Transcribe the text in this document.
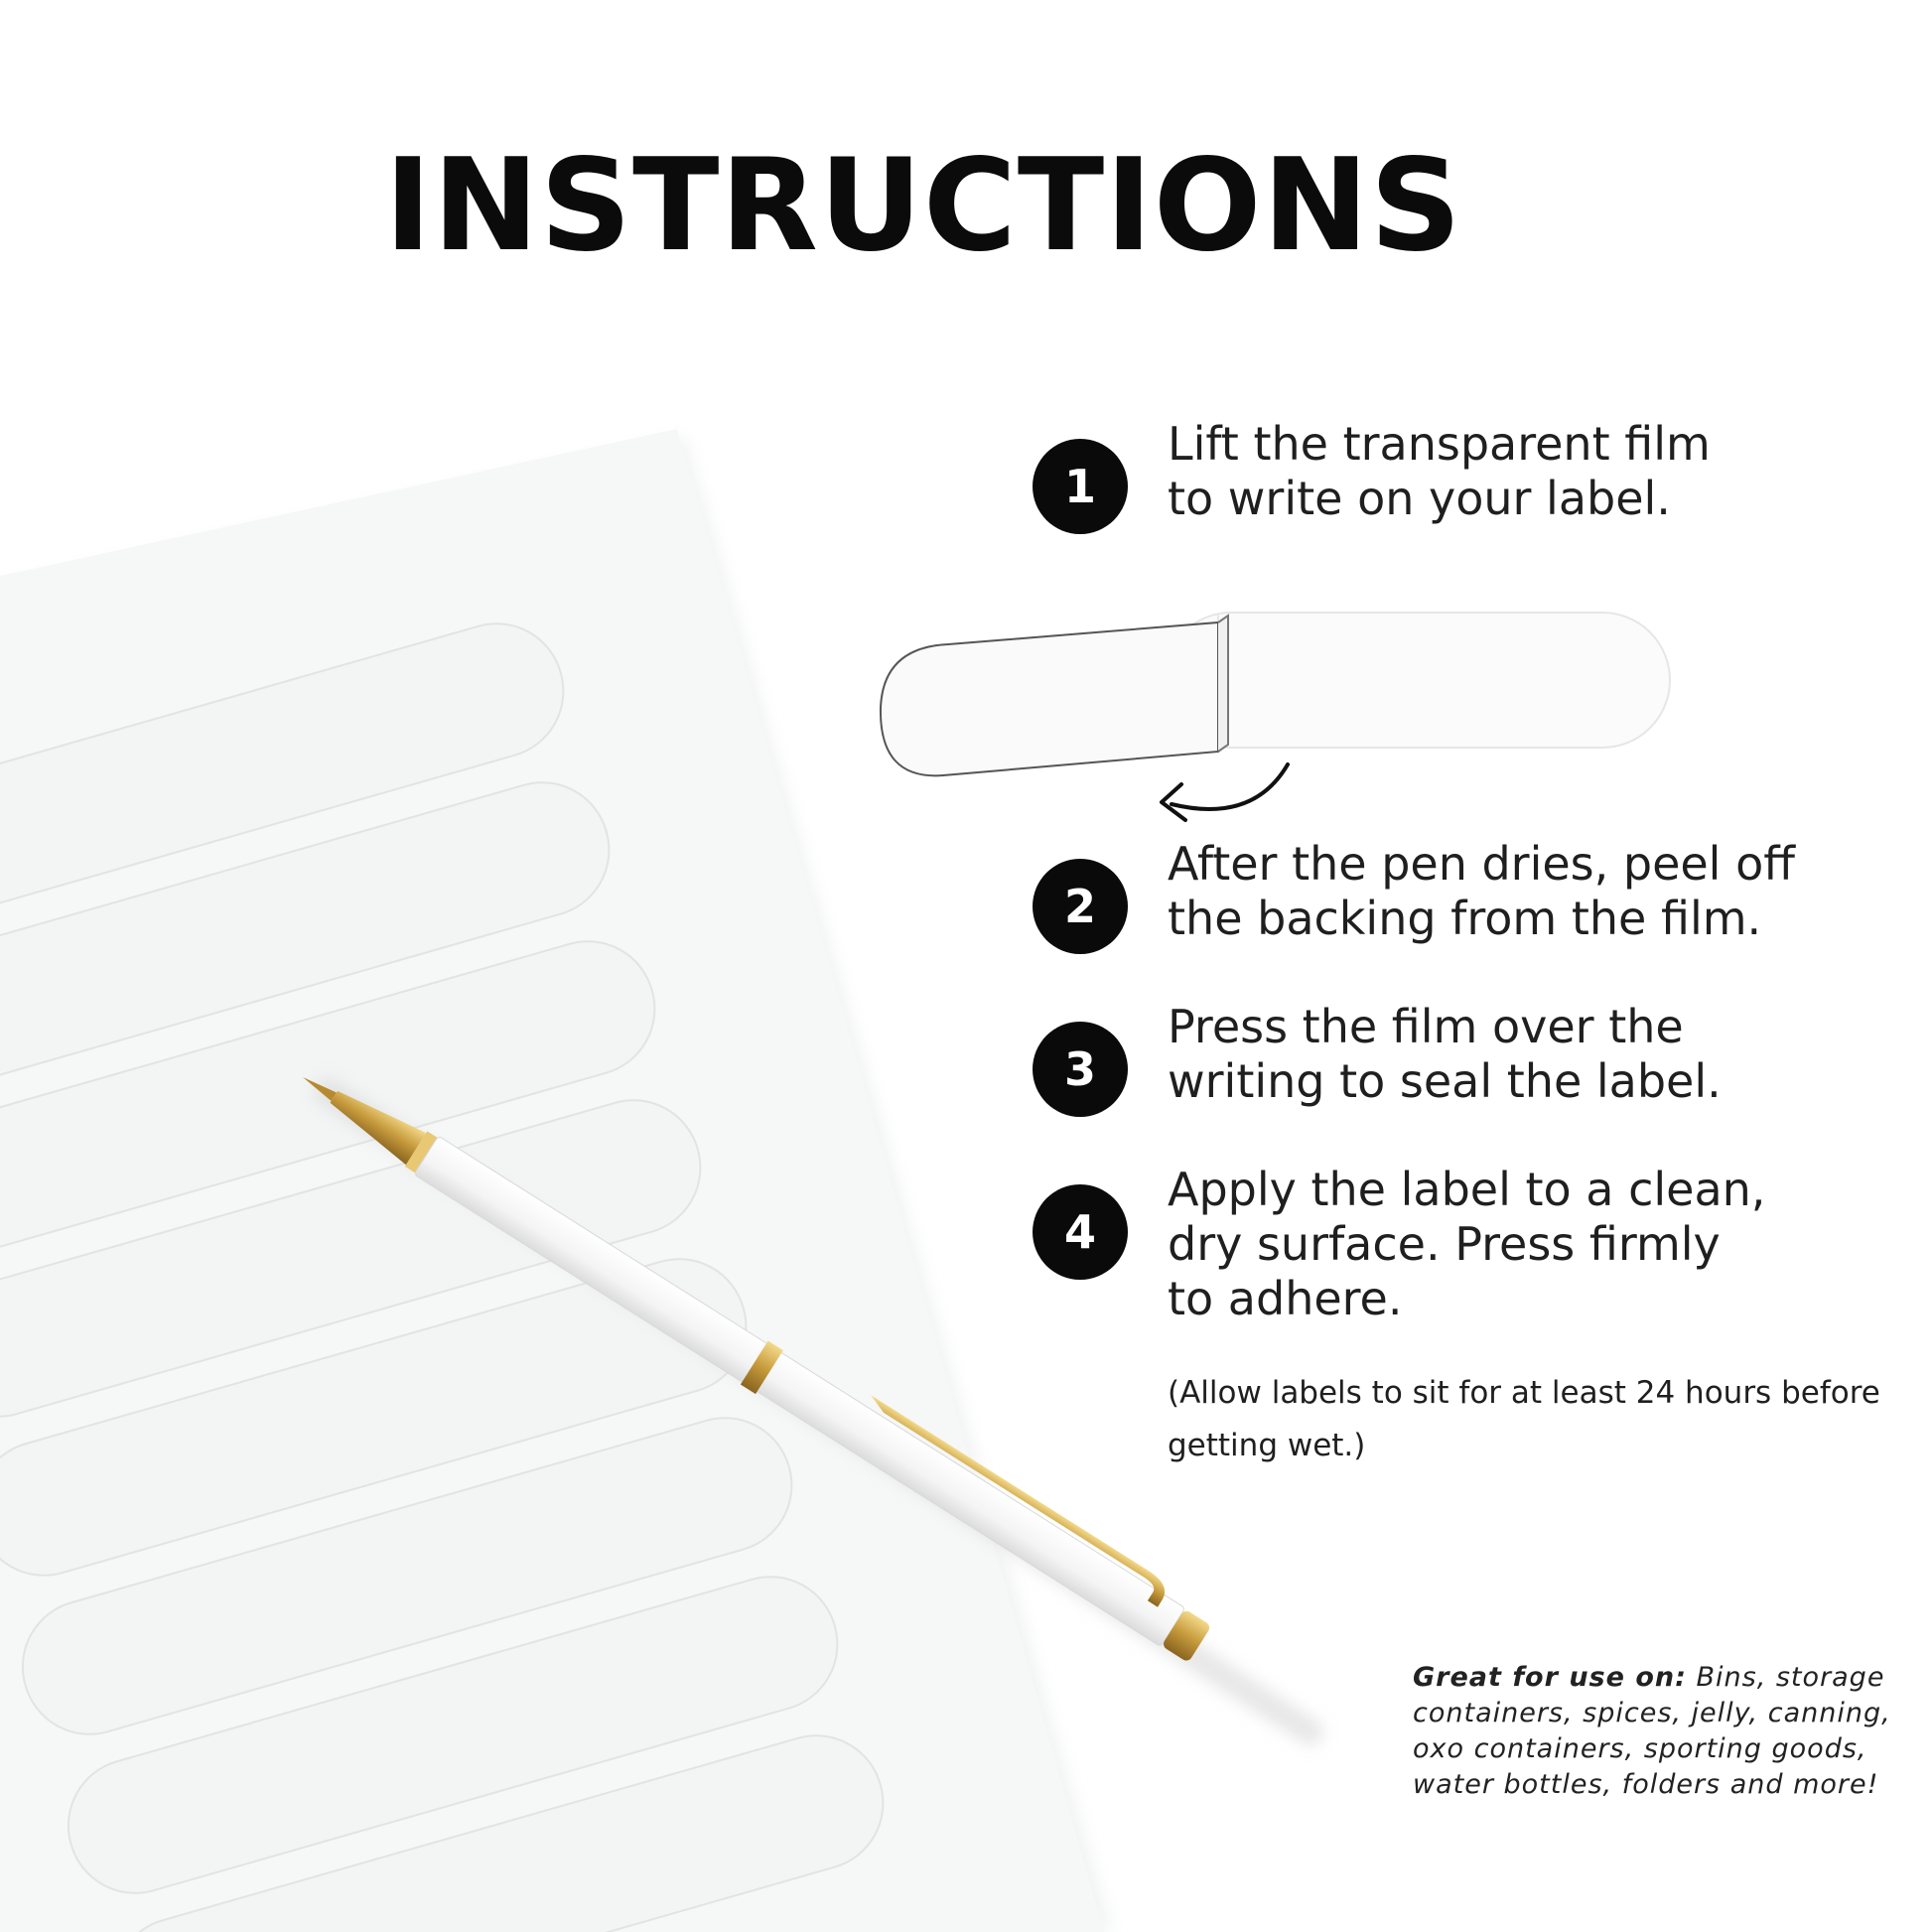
INSTRUCTIONS
1
Lift the transparent film
to write on your label.
2
After the pen dries, peel off
the backing from the film.
3
Press the film over the
writing to seal the label.
4
Apply the label to a clean,
dry surface. Press firmly
to adhere.
(Allow labels to sit for at least 24 hours before getting wet.)
Great for use on: Bins, storage containers, spices, jelly, canning, oxo containers, sporting goods, water bottles, folders and more!
